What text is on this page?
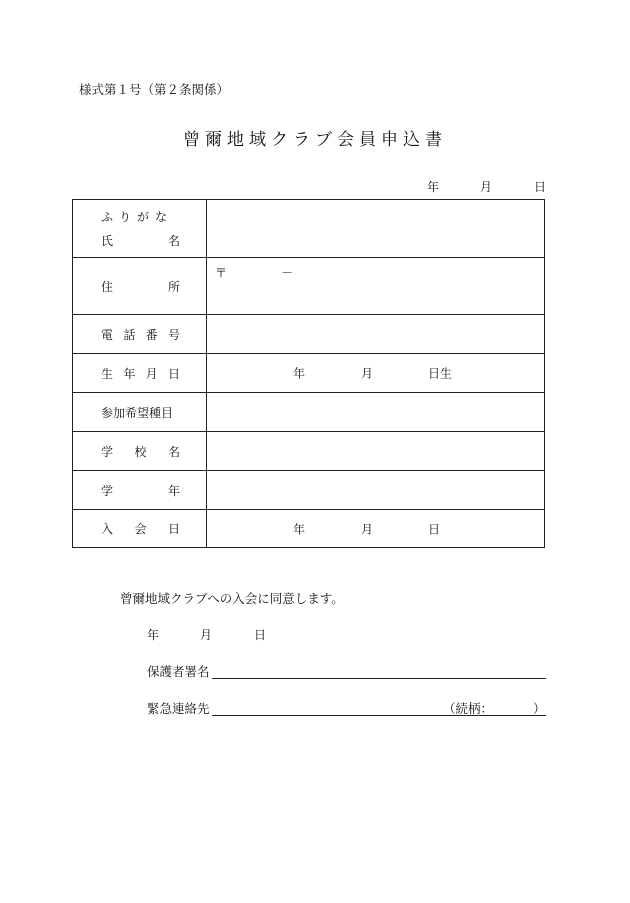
様式第１号（第２条関係）
曾爾地域クラブ会員申込書
年	月	日
ふりがな
氏 名	

住 所	〒 －

電 話 番 号	

生 年 月 日	年 月 日生

参加希望種目	

学 校 名	

学 年	

入 会 日	年 月 日
曾爾地域クラブへの入会に同意します。
年	月	日
保護者署名
緊急連絡先	（続柄：	）
